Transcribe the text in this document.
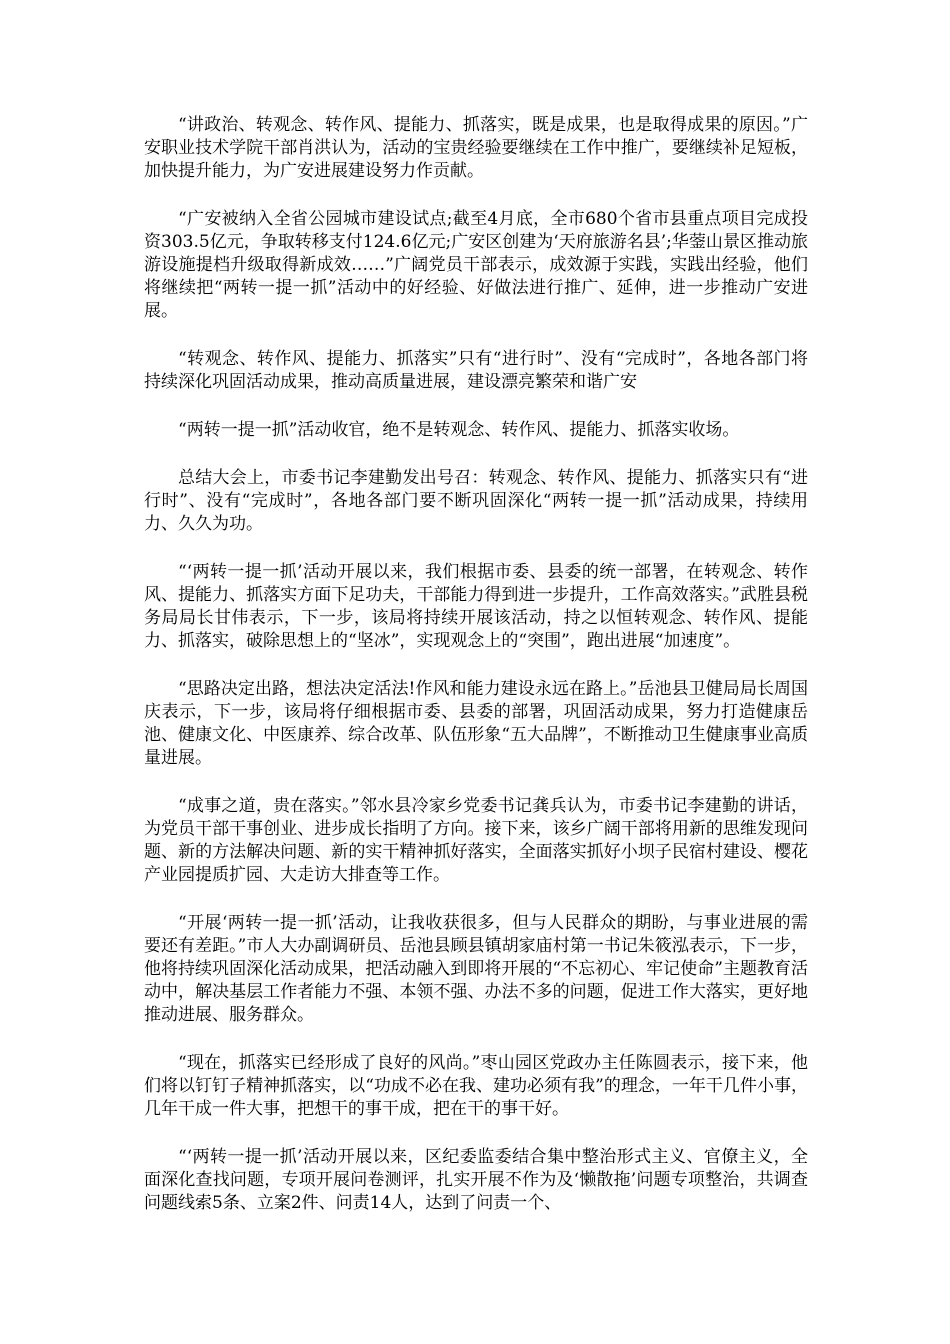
“讲政治、转观念、转作风、提能力、抓落实，既是成果，也是取得成果的原因。”广安职业技术学院干部肖洪认为，活动的宝贵经验要继续在工作中推广，要继续补足短板，加快提升能力，为广安进展建设努力作贡献。

“广安被纳入全省公园城市建设试点;截至4月底，全市680个省市县重点项目完成投资303.5亿元，争取转移支付124.6亿元;广安区创建为‘天府旅游名县’;华蓥山景区推动旅游设施提档升级取得新成效……”广阔党员干部表示，成效源于实践，实践出经验，他们将继续把“两转一提一抓”活动中的好经验、好做法进行推广、延伸，进一步推动广安进展。

“转观念、转作风、提能力、抓落实”只有“进行时”、没有“完成时”，各地各部门将持续深化巩固活动成果，推动高质量进展，建设漂亮繁荣和谐广安

“两转一提一抓”活动收官，绝不是转观念、转作风、提能力、抓落实收场。

总结大会上，市委书记李建勤发出号召：转观念、转作风、提能力、抓落实只有“进行时”、没有“完成时”，各地各部门要不断巩固深化“两转一提一抓”活动成果，持续用力、久久为功。

“‘两转一提一抓’活动开展以来，我们根据市委、县委的统一部署，在转观念、转作风、提能力、抓落实方面下足功夫，干部能力得到进一步提升，工作高效落实。”武胜县税务局局长甘伟表示，下一步，该局将持续开展该活动，持之以恒转观念、转作风、提能力、抓落实，破除思想上的“坚冰”，实现观念上的“突围”，跑出进展“加速度”。

“思路决定出路，想法决定活法!作风和能力建设永远在路上。”岳池县卫健局局长周国庆表示，下一步，该局将仔细根据市委、县委的部署，巩固活动成果，努力打造健康岳池、健康文化、中医康养、综合改革、队伍形象“五大品牌”，不断推动卫生健康事业高质量进展。

“成事之道，贵在落实。”邻水县冷家乡党委书记龚兵认为，市委书记李建勤的讲话，为党员干部干事创业、进步成长指明了方向。接下来，该乡广阔干部将用新的思维发现问题、新的方法解决问题、新的实干精神抓好落实，全面落实抓好小坝子民宿村建设、樱花产业园提质扩园、大走访大排查等工作。

“开展‘两转一提一抓’活动，让我收获很多，但与人民群众的期盼，与事业进展的需要还有差距。”市人大办副调研员、岳池县顾县镇胡家庙村第一书记朱筱泓表示，下一步，他将持续巩固深化活动成果，把活动融入到即将开展的“不忘初心、牢记使命”主题教育活动中，解决基层工作者能力不强、本领不强、办法不多的问题，促进工作大落实，更好地推动进展、服务群众。

“现在，抓落实已经形成了良好的风尚。”枣山园区党政办主任陈圆表示，接下来，他们将以钉钉子精神抓落实，以“功成不必在我、建功必须有我”的理念，一年干几件小事，几年干成一件大事，把想干的事干成，把在干的事干好。

“‘两转一提一抓’活动开展以来，区纪委监委结合集中整治形式主义、官僚主义，全面深化查找问题，专项开展问卷测评，扎实开展不作为及‘懒散拖’问题专项整治，共调查问题线索5条、立案2件、问责14人，达到了问责一个、
